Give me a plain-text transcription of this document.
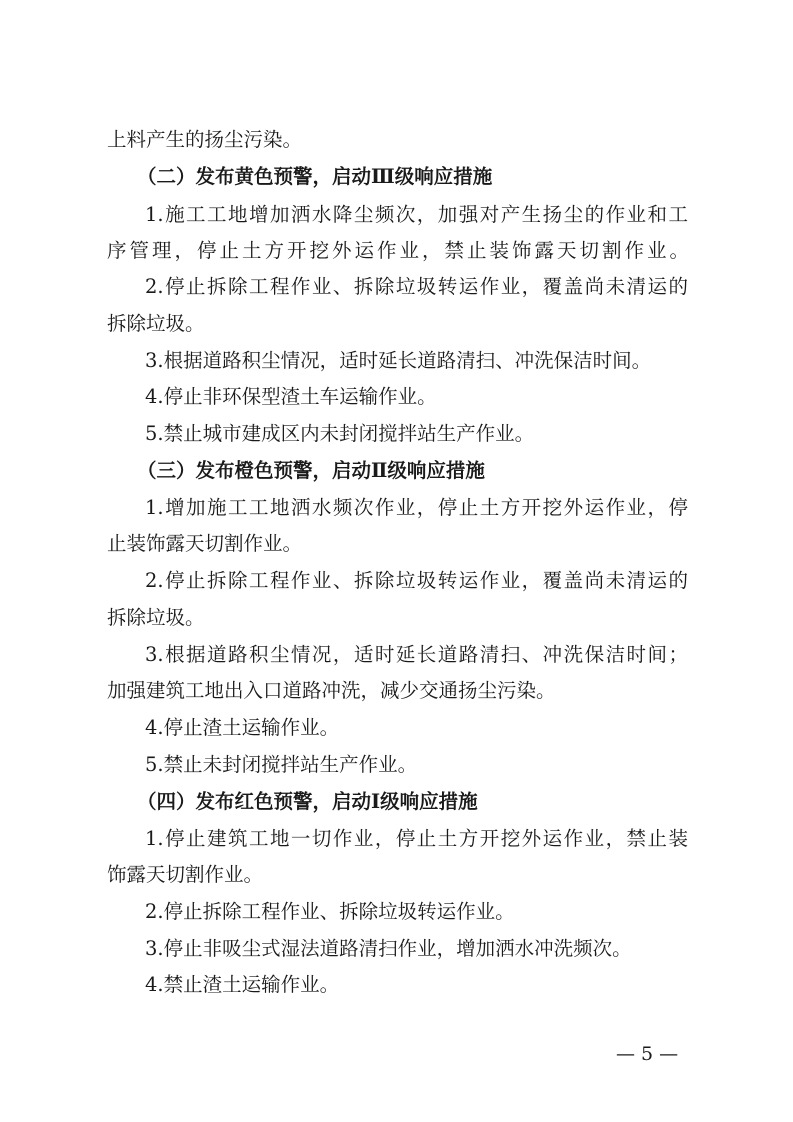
上料产生的扬尘污染。
（二）发布黄色预警，启动Ⅲ级响应措施
1.施工工地增加洒水降尘频次，加强对产生扬尘的作业和工
序管理，停止土方开挖外运作业，禁止装饰露天切割作业。
2.停止拆除工程作业、拆除垃圾转运作业，覆盖尚未清运的
拆除垃圾。
3.根据道路积尘情况，适时延长道路清扫、冲洗保洁时间。
4.停止非环保型渣土车运输作业。
5.禁止城市建成区内未封闭搅拌站生产作业。
（三）发布橙色预警，启动Ⅱ级响应措施
1.增加施工工地洒水频次作业，停止土方开挖外运作业，停
止装饰露天切割作业。
2.停止拆除工程作业、拆除垃圾转运作业，覆盖尚未清运的
拆除垃圾。
3.根据道路积尘情况，适时延长道路清扫、冲洗保洁时间；
加强建筑工地出入口道路冲洗，减少交通扬尘污染。
4.停止渣土运输作业。
5.禁止未封闭搅拌站生产作业。
（四）发布红色预警，启动Ⅰ级响应措施
1.停止建筑工地一切作业，停止土方开挖外运作业，禁止装
饰露天切割作业。
2.停止拆除工程作业、拆除垃圾转运作业。
3.停止非吸尘式湿法道路清扫作业，增加洒水冲洗频次。
4.禁止渣土运输作业。
— 5 —
